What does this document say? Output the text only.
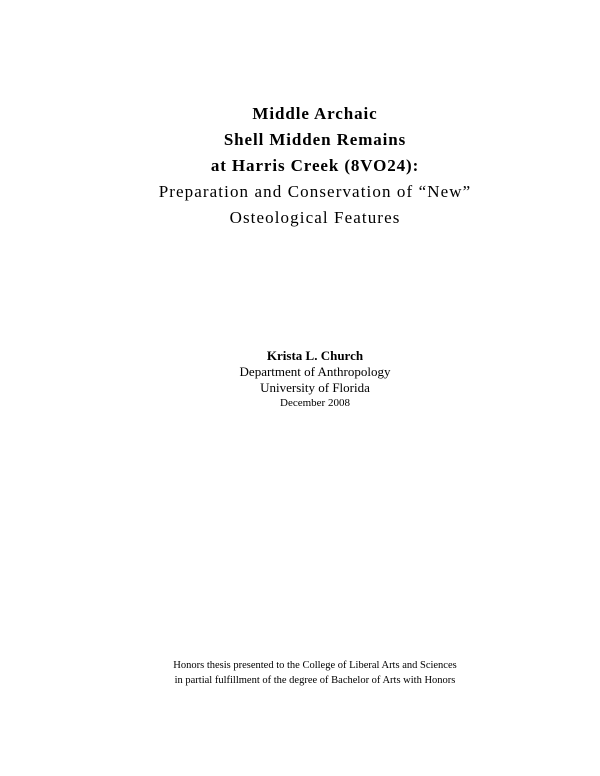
Middle Archaic
Shell Midden Remains
at Harris Creek (8VO24):
Preparation and Conservation of “New”
Osteological Features
Krista L. Church
Department of Anthropology
University of Florida
December 2008
Honors thesis presented to the College of Liberal Arts and Sciences
in partial fulfillment of the degree of Bachelor of Arts with Honors
